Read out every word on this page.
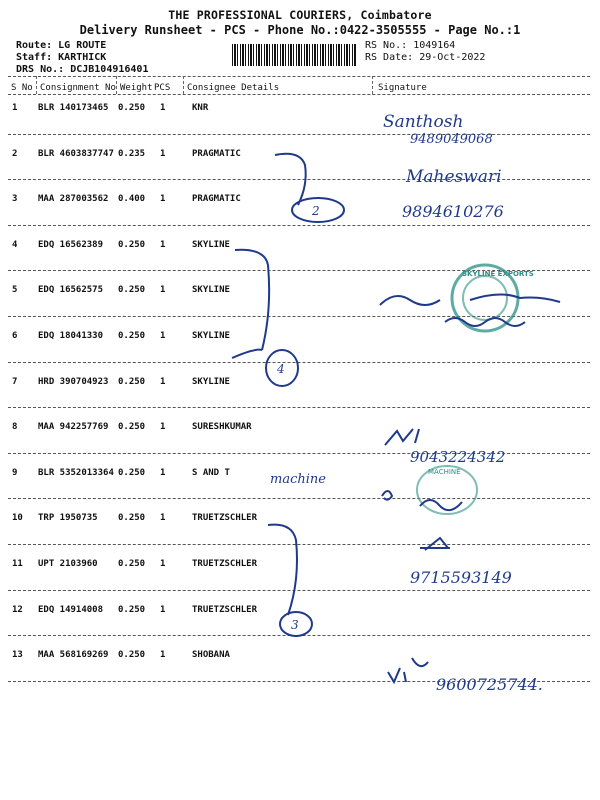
THE PROFESSIONAL COURIERS, Coimbatore
Delivery Runsheet - PCS - Phone No.:0422-3505555 - Page No.:1
Route: LG ROUTE
Staff: KARTHICK
DRS No.: DCJB104916401
RS No.: 1049164
RS Date: 29-Oct-2022
S No Consignment No Weight PCS Consignee Details	Signature
1 BLR 140173465 0.250 1	KNR
2 BLR 4603837747 0.235 1	PRAGMATIC
3 MAA 287003562 0.400 1	PRAGMATIC
4 EDQ 16562389 0.250 1	SKYLINE
5 EDQ 16562575 0.250 1	SKYLINE
6 EDQ 18041330 0.250 1	SKYLINE
7 HRD 390704923 0.250 1	SKYLINE
8 MAA 942257769 0.250 1	SURESHKUMAR
9 BLR 5352013364 0.250 1	S AND T
10 TRP 1950735 0.250 1	TRUETZSCHLER
11 UPT 2103960 0.250 1	TRUETZSCHLER
12 EDQ 14914008 0.250 1	TRUETZSCHLER
13 MAA 568169269 0.250 1	SHOBANA
SKYLINE EXPORTS
MACHINE
Santhosh
9489049068
Maheswari
9894610276
machine
9043224342
9715593149
9600725744.
2
4
3
